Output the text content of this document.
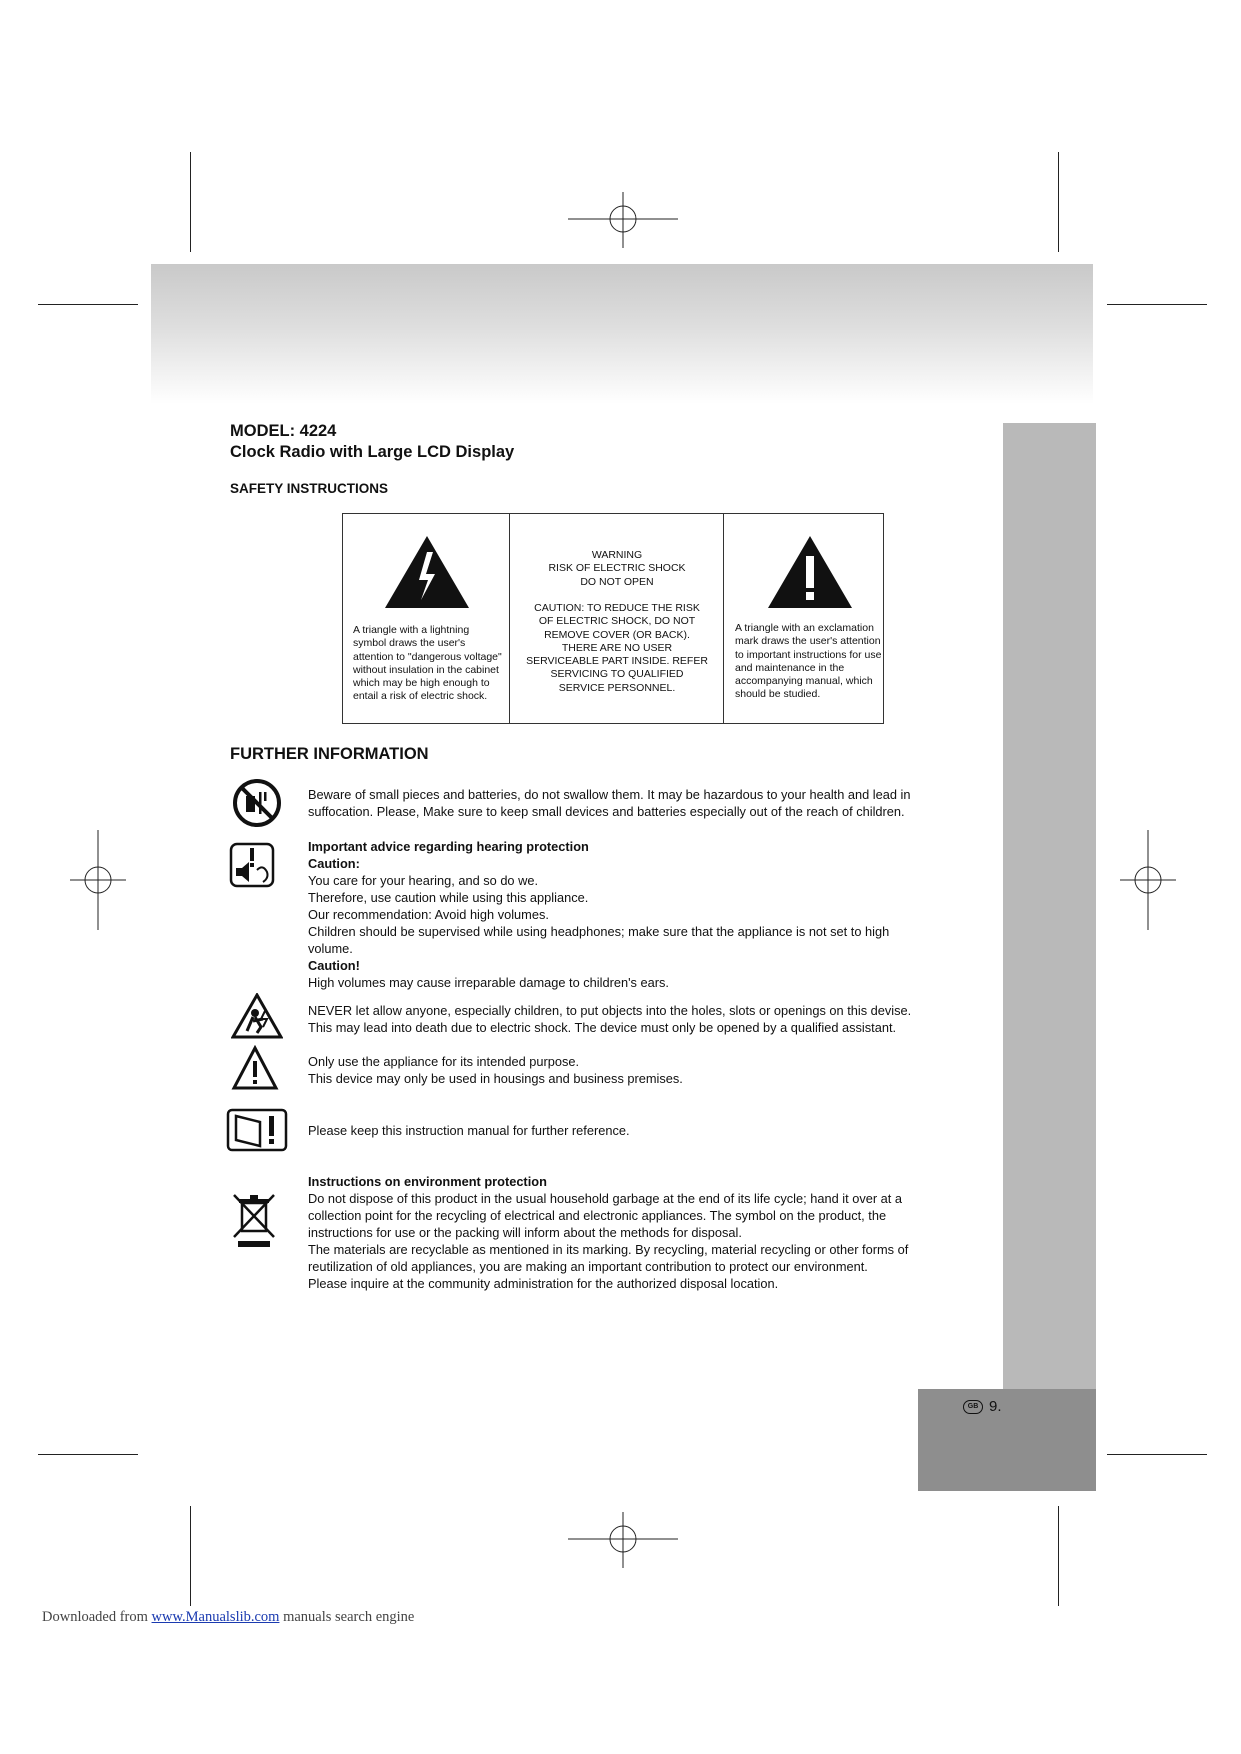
MODEL: 4224
Clock Radio with Large LCD Display
SAFETY INSTRUCTIONS
A triangle with a lightning symbol draws the user's attention to "dangerous voltage" without insulation in the cabinet which may be high enough to entail a risk of electric shock.
WARNING
RISK OF ELECTRIC SHOCK
DO NOT OPEN
CAUTION: TO REDUCE THE RISK
OF ELECTRIC SHOCK, DO NOT
REMOVE COVER (OR BACK).
THERE ARE NO USER
SERVICEABLE PART INSIDE. REFER
SERVICING TO QUALIFIED
SERVICE PERSONNEL.
A triangle with an exclamation mark draws the user's attention to important instructions for use and maintenance in the accompanying manual, which should be studied.
FURTHER INFORMATION
Beware of small pieces and batteries, do not swallow them. It may be hazardous to your health and lead in
suffocation. Please, Make sure to keep small devices and batteries especially out of the reach of children.
Important advice regarding hearing protection
Caution:
You care for your hearing, and so do we.
Therefore, use caution while using this appliance.
Our recommendation: Avoid high volumes.
Children should be supervised while using headphones; make sure that the appliance is not set to high
volume.
Caution!
High volumes may cause irreparable damage to children's ears.
NEVER let allow anyone, especially children, to put objects into the holes, slots or openings on this devise.
This may lead into death due to electric shock. The device must only be opened by a qualified assistant.
Only use the appliance for its intended purpose.
This device may only be used in housings and business premises.
Please keep this instruction manual for further reference.
Instructions on environment protection
Do not dispose of this product in the usual household garbage at the end of its life cycle; hand it over at a
collection point for the recycling of electrical and electronic appliances. The symbol on the product, the
instructions for use or the packing will inform about the methods for disposal.
The materials are recyclable as mentioned in its marking. By recycling, material recycling or other forms of
reutilization of old appliances, you are making an important contribution to protect our environment.
Please inquire at the community administration for the authorized disposal location.
GB 9.
Downloaded from www.Manualslib.com manuals search engine
